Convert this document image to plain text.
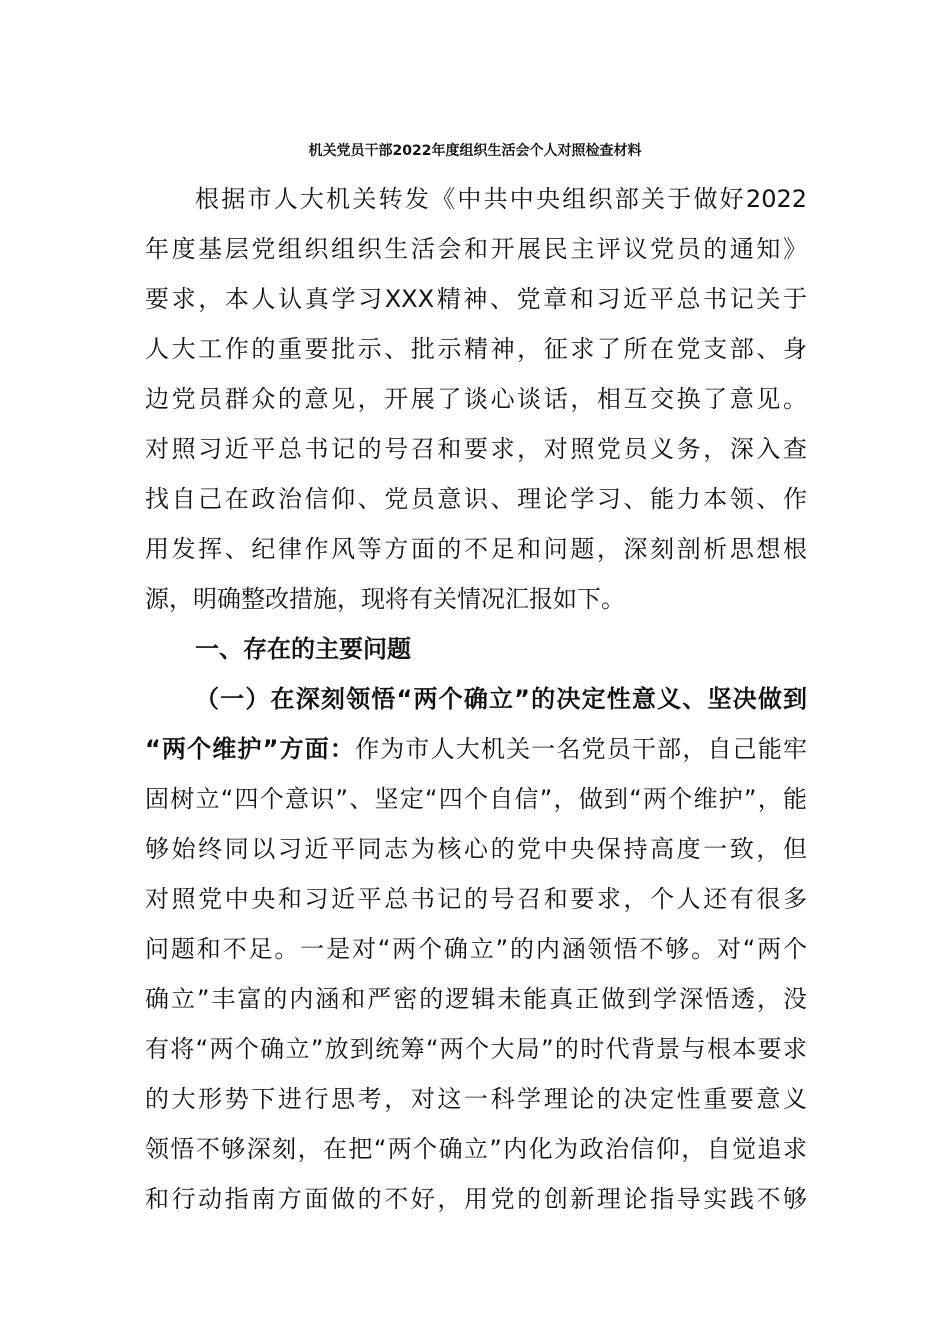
机关党员干部2022年度组织生活会个人对照检查材料
根据市人大机关转发《中共中央组织部关于做好2022
年度基层党组织组织生活会和开展民主评议党员的通知》
要求，本人认真学习XXX精神、党章和习近平总书记关于
人大工作的重要批示、批示精神，征求了所在党支部、身
边党员群众的意见，开展了谈心谈话，相互交换了意见。
对照习近平总书记的号召和要求，对照党员义务，深入查
找自己在政治信仰、党员意识、理论学习、能力本领、作
用发挥、纪律作风等方面的不足和问题，深刻剖析思想根
源，明确整改措施，现将有关情况汇报如下。
一、存在的主要问题
（一）在深刻领悟“两个确立”的决定性意义、坚决做到
“两个维护”方面：作为市人大机关一名党员干部，自己能牢
固树立“四个意识”、坚定“四个自信”，做到“两个维护”，能
够始终同以习近平同志为核心的党中央保持高度一致，但
对照党中央和习近平总书记的号召和要求，个人还有很多
问题和不足。一是对“两个确立”的内涵领悟不够。对“两个
确立”丰富的内涵和严密的逻辑未能真正做到学深悟透，没
有将“两个确立”放到统筹“两个大局”的时代背景与根本要求
的大形势下进行思考，对这一科学理论的决定性重要意义
领悟不够深刻，在把“两个确立”内化为政治信仰，自觉追求
和行动指南方面做的不好，用党的创新理论指导实践不够
